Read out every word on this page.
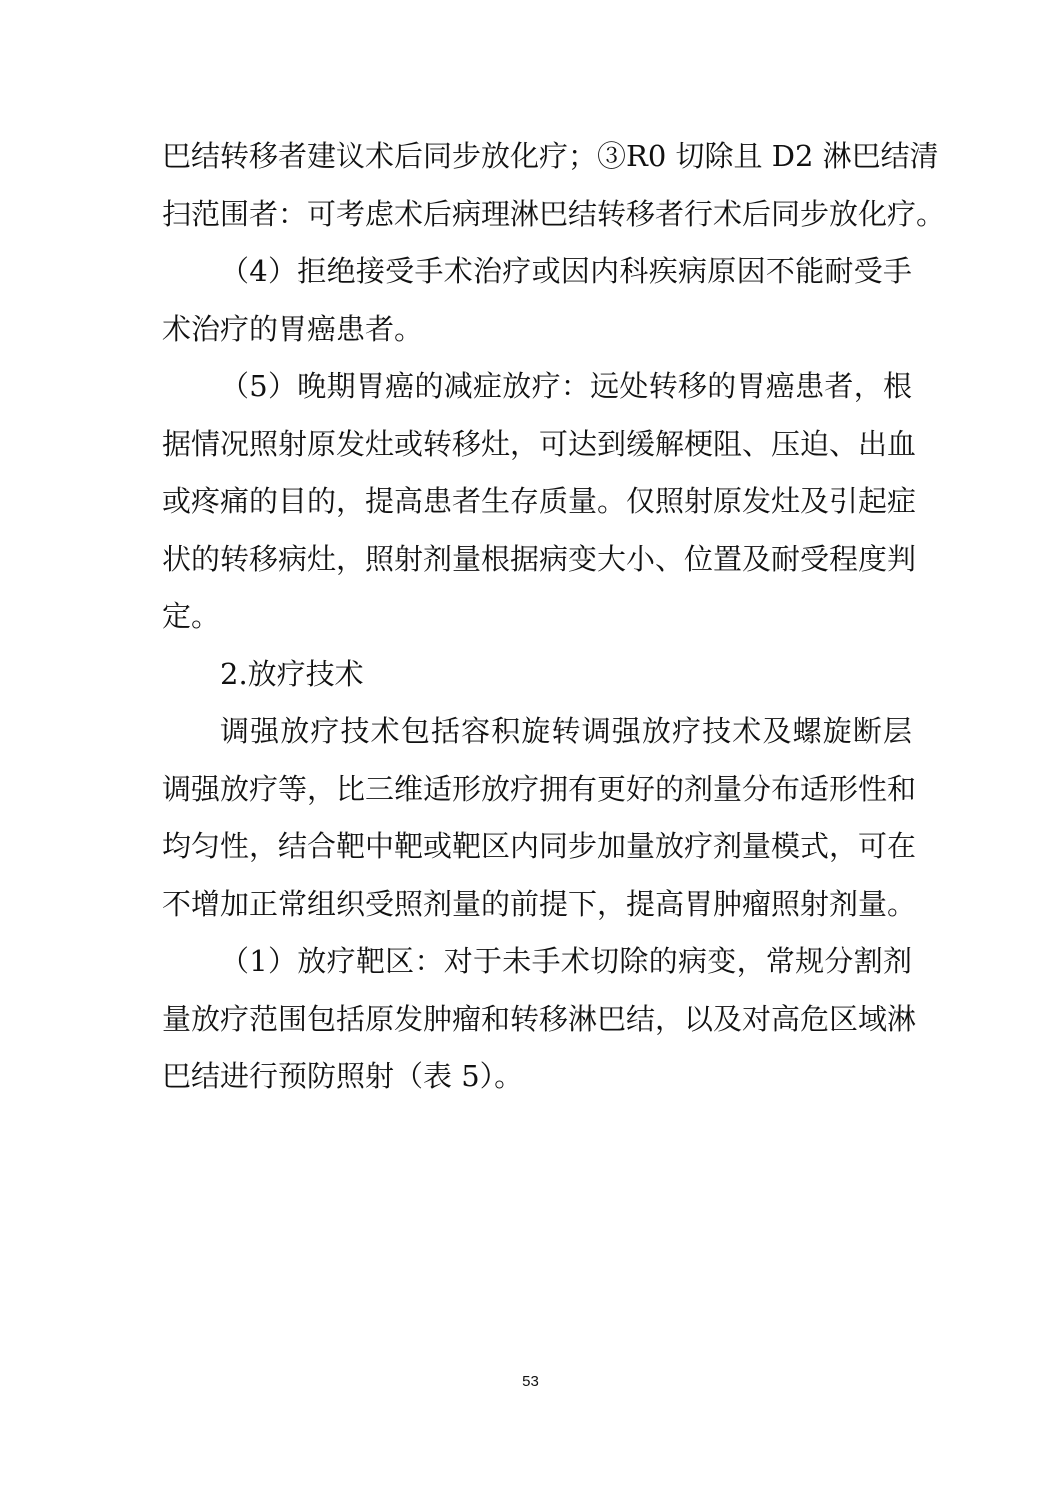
巴结转移者建议术后同步放化疗；③R0 切除且 D2 淋巴结清
扫范围者：可考虑术后病理淋巴结转移者行术后同步放化疗。
（4）拒绝接受手术治疗或因内科疾病原因不能耐受手
术治疗的胃癌患者。
（5）晚期胃癌的减症放疗：远处转移的胃癌患者，根
据情况照射原发灶或转移灶，可达到缓解梗阻、压迫、出血
或疼痛的目的，提高患者生存质量。仅照射原发灶及引起症
状的转移病灶，照射剂量根据病变大小、位置及耐受程度判
定。
2.放疗技术
调强放疗技术包括容积旋转调强放疗技术及螺旋断层
调强放疗等，比三维适形放疗拥有更好的剂量分布适形性和
均匀性，结合靶中靶或靶区内同步加量放疗剂量模式，可在
不增加正常组织受照剂量的前提下，提高胃肿瘤照射剂量。
（1）放疗靶区：对于未手术切除的病变，常规分割剂
量放疗范围包括原发肿瘤和转移淋巴结，以及对高危区域淋
巴结进行预防照射（表 5）。
53
